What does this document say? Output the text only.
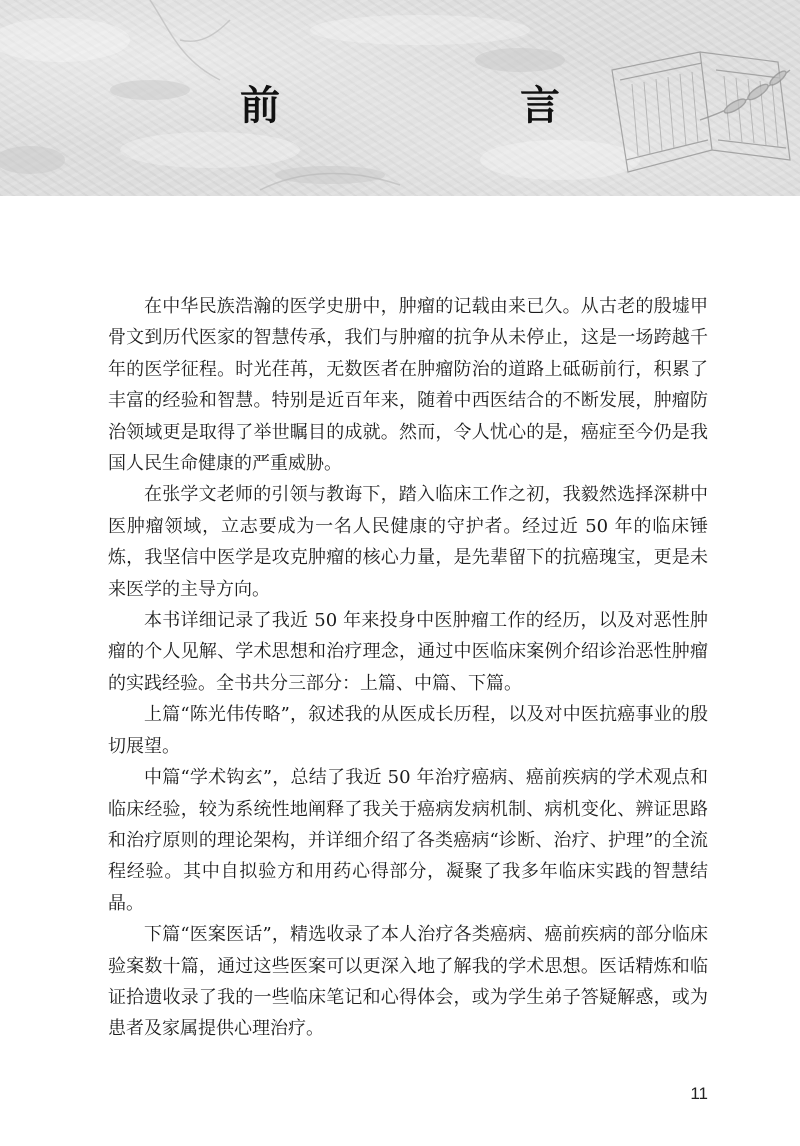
前　言

在中华民族浩瀚的医学史册中，肿瘤的记载由来已久。从古老的殷墟甲骨文到历代医家的智慧传承，我们与肿瘤的抗争从未停止，这是一场跨越千年的医学征程。时光荏苒，无数医者在肿瘤防治的道路上砥砺前行，积累了丰富的经验和智慧。特别是近百年来，随着中西医结合的不断发展，肿瘤防治领域更是取得了举世瞩目的成就。然而，令人忧心的是，癌症至今仍是我国人民生命健康的严重威胁。

在张学文老师的引领与教诲下，踏入临床工作之初，我毅然选择深耕中医肿瘤领域，立志要成为一名人民健康的守护者。经过近 50 年的临床锤炼，我坚信中医学是攻克肿瘤的核心力量，是先辈留下的抗癌瑰宝，更是未来医学的主导方向。

本书详细记录了我近 50 年来投身中医肿瘤工作的经历，以及对恶性肿瘤的个人见解、学术思想和治疗理念，通过中医临床案例介绍诊治恶性肿瘤的实践经验。全书共分三部分：上篇、中篇、下篇。

上篇“陈光伟传略”，叙述我的从医成长历程，以及对中医抗癌事业的殷切展望。

中篇“学术钩玄”，总结了我近 50 年治疗癌病、癌前疾病的学术观点和临床经验，较为系统性地阐释了我关于癌病发病机制、病机变化、辨证思路和治疗原则的理论架构，并详细介绍了各类癌病“诊断、治疗、护理”的全流程经验。其中自拟验方和用药心得部分，凝聚了我多年临床实践的智慧结晶。

下篇“医案医话”，精选收录了本人治疗各类癌病、癌前疾病的部分临床验案数十篇，通过这些医案可以更深入地了解我的学术思想。医话精炼和临证拾遗收录了我的一些临床笔记和心得体会，或为学生弟子答疑解惑，或为患者及家属提供心理治疗。

11
